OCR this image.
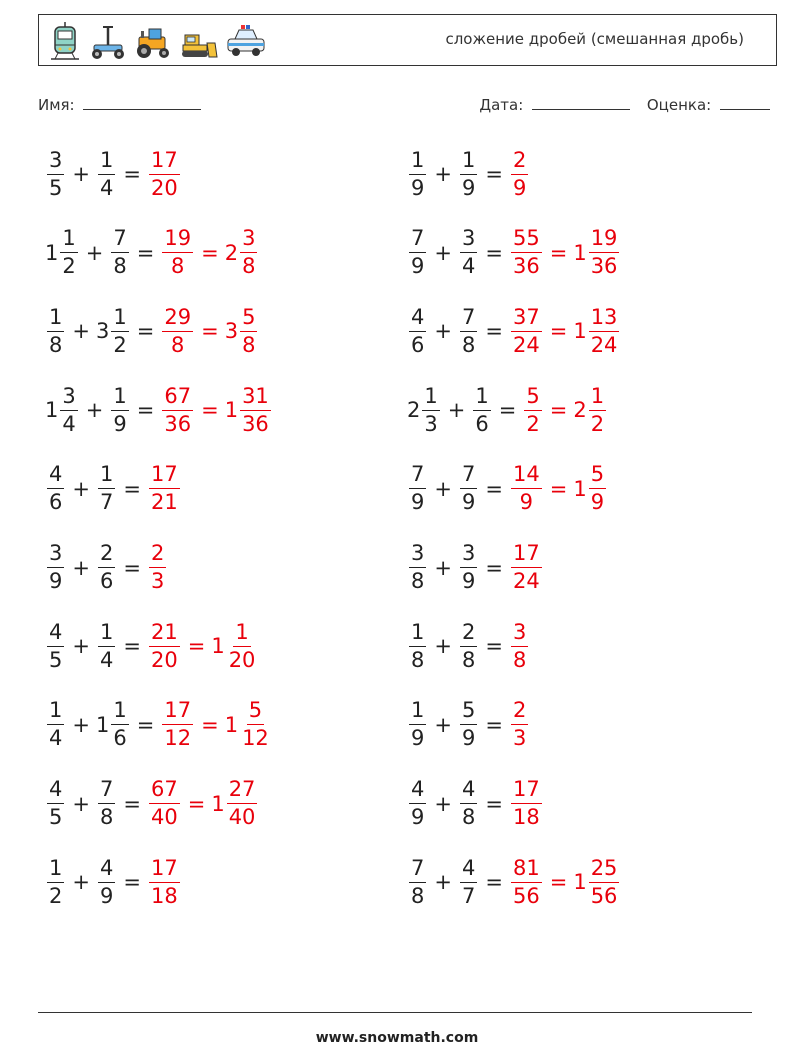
сложение дробей (смешанная дробь)
Имя:	Дата:	Оценка:
$\frac{3}{5} + \frac{1}{4} = \frac{17}{20}$	$\frac{1}{9} + \frac{1}{9} = \frac{2}{9}$
$1 \frac{1}{2} + \frac{7}{8} = \frac{19}{8} = 2 \frac{3}{8}$	$\frac{7}{9} + \frac{3}{4} = \frac{55}{36} = 1 \frac{19}{36}$
$\frac{1}{8} + 3 \frac{1}{2} = \frac{29}{8} = 3 \frac{5}{8}$	$\frac{4}{6} + \frac{7}{8} = \frac{37}{24} = 1 \frac{13}{24}$
$1 \frac{3}{4} + \frac{1}{9} = \frac{67}{36} = 1 \frac{31}{36}$	$2 \frac{1}{3} + \frac{1}{6} = \frac{5}{2} = 2 \frac{1}{2}$
$\frac{4}{6} + \frac{1}{7} = \frac{17}{21}$	$\frac{7}{9} + \frac{7}{9} = \frac{14}{9} = 1 \frac{5}{9}$
$\frac{3}{9} + \frac{2}{6} = \frac{2}{3}$	$\frac{3}{8} + \frac{3}{9} = \frac{17}{24}$
$\frac{4}{5} + \frac{1}{4} = \frac{21}{20} = 1 \frac{1}{20}$	$\frac{1}{8} + \frac{2}{8} = \frac{3}{8}$
$\frac{1}{4} + 1 \frac{1}{6} = \frac{17}{12} = 1 \frac{5}{12}$	$\frac{1}{9} + \frac{5}{9} = \frac{2}{3}$
$\frac{4}{5} + \frac{7}{8} = \frac{67}{40} = 1 \frac{27}{40}$	$\frac{4}{9} + \frac{4}{8} = \frac{17}{18}$
$\frac{1}{2} + \frac{4}{9} = \frac{17}{18}$	$\frac{7}{8} + \frac{4}{7} = \frac{81}{56} = 1 \frac{25}{56}$
www.snowmath.com
